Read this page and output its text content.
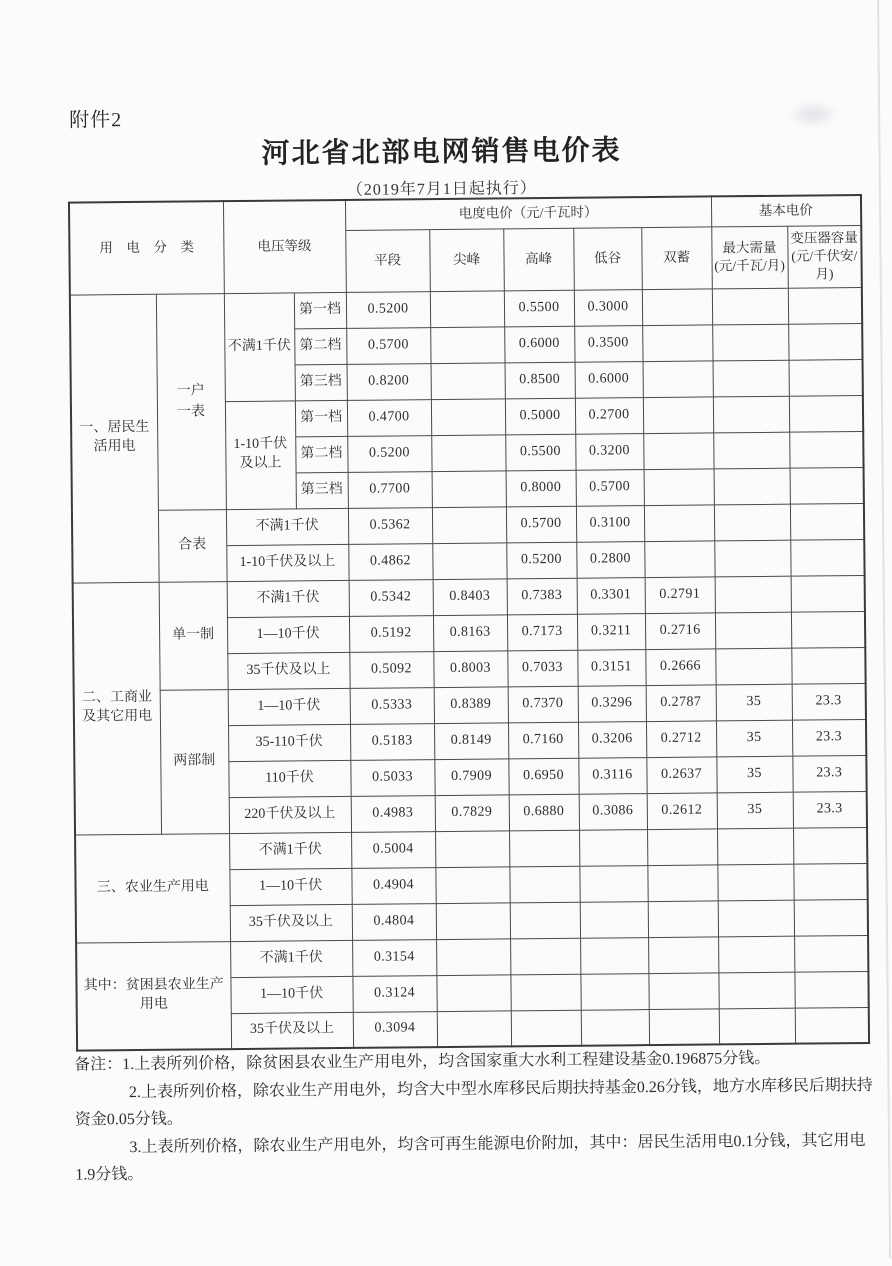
附件2
河北省北部电网销售电价表
（2019年7月1日起执行）
用　电　分　类		电压等级		电度电价（元/千瓦时）					基本电价	
				平段	尖峰	高峰	低谷	双蓄	最大需量(元/千瓦/月)	变压器容量(元/千伏安/月)
一、居民生活用电	一户一表	不满1千伏	第一档	0.5200		0.5500	0.3000			
			第二档	0.5700		0.6000	0.3500			
			第三档	0.8200		0.8500	0.6000			
		1-10千伏及以上	第一档	0.4700		0.5000	0.2700			
			第二档	0.5200		0.5500	0.3200			
			第三档	0.7700		0.8000	0.5700			
	合表	不满1千伏		0.5362		0.5700	0.3100			
		1-10千伏及以上		0.4862		0.5200	0.2800			
二、工商业及其它用电	单一制	不满1千伏		0.5342	0.8403	0.7383	0.3301	0.2791		
		1—10千伏		0.5192	0.8163	0.7173	0.3211	0.2716		
		35千伏及以上		0.5092	0.8003	0.7033	0.3151	0.2666		
	两部制	1—10千伏		0.5333	0.8389	0.7370	0.3296	0.2787	35	23.3
		35-110千伏		0.5183	0.8149	0.7160	0.3206	0.2712	35	23.3
		110千伏		0.5033	0.7909	0.6950	0.3116	0.2637	35	23.3
		220千伏及以上		0.4983	0.7829	0.6880	0.3086	0.2612	35	23.3
三、农业生产用电		不满1千伏		0.5004						
		1—10千伏		0.4904						
		35千伏及以上		0.4804						
其中：贫困县农业生产用电		不满1千伏		0.3154						
		1—10千伏		0.3124						
		35千伏及以上		0.3094						

备注：1.上表所列价格，除贫困县农业生产用电外，均含国家重大水利工程建设基金0.196875分钱。

2.上表所列价格，除农业生产用电外，均含大中型水库移民后期扶持基金0.26分钱，地方水库移民后期扶持资金0.05分钱。

3.上表所列价格，除农业生产用电外，均含可再生能源电价附加，其中：居民生活用电0.1分钱，其它用电1.9分钱。
